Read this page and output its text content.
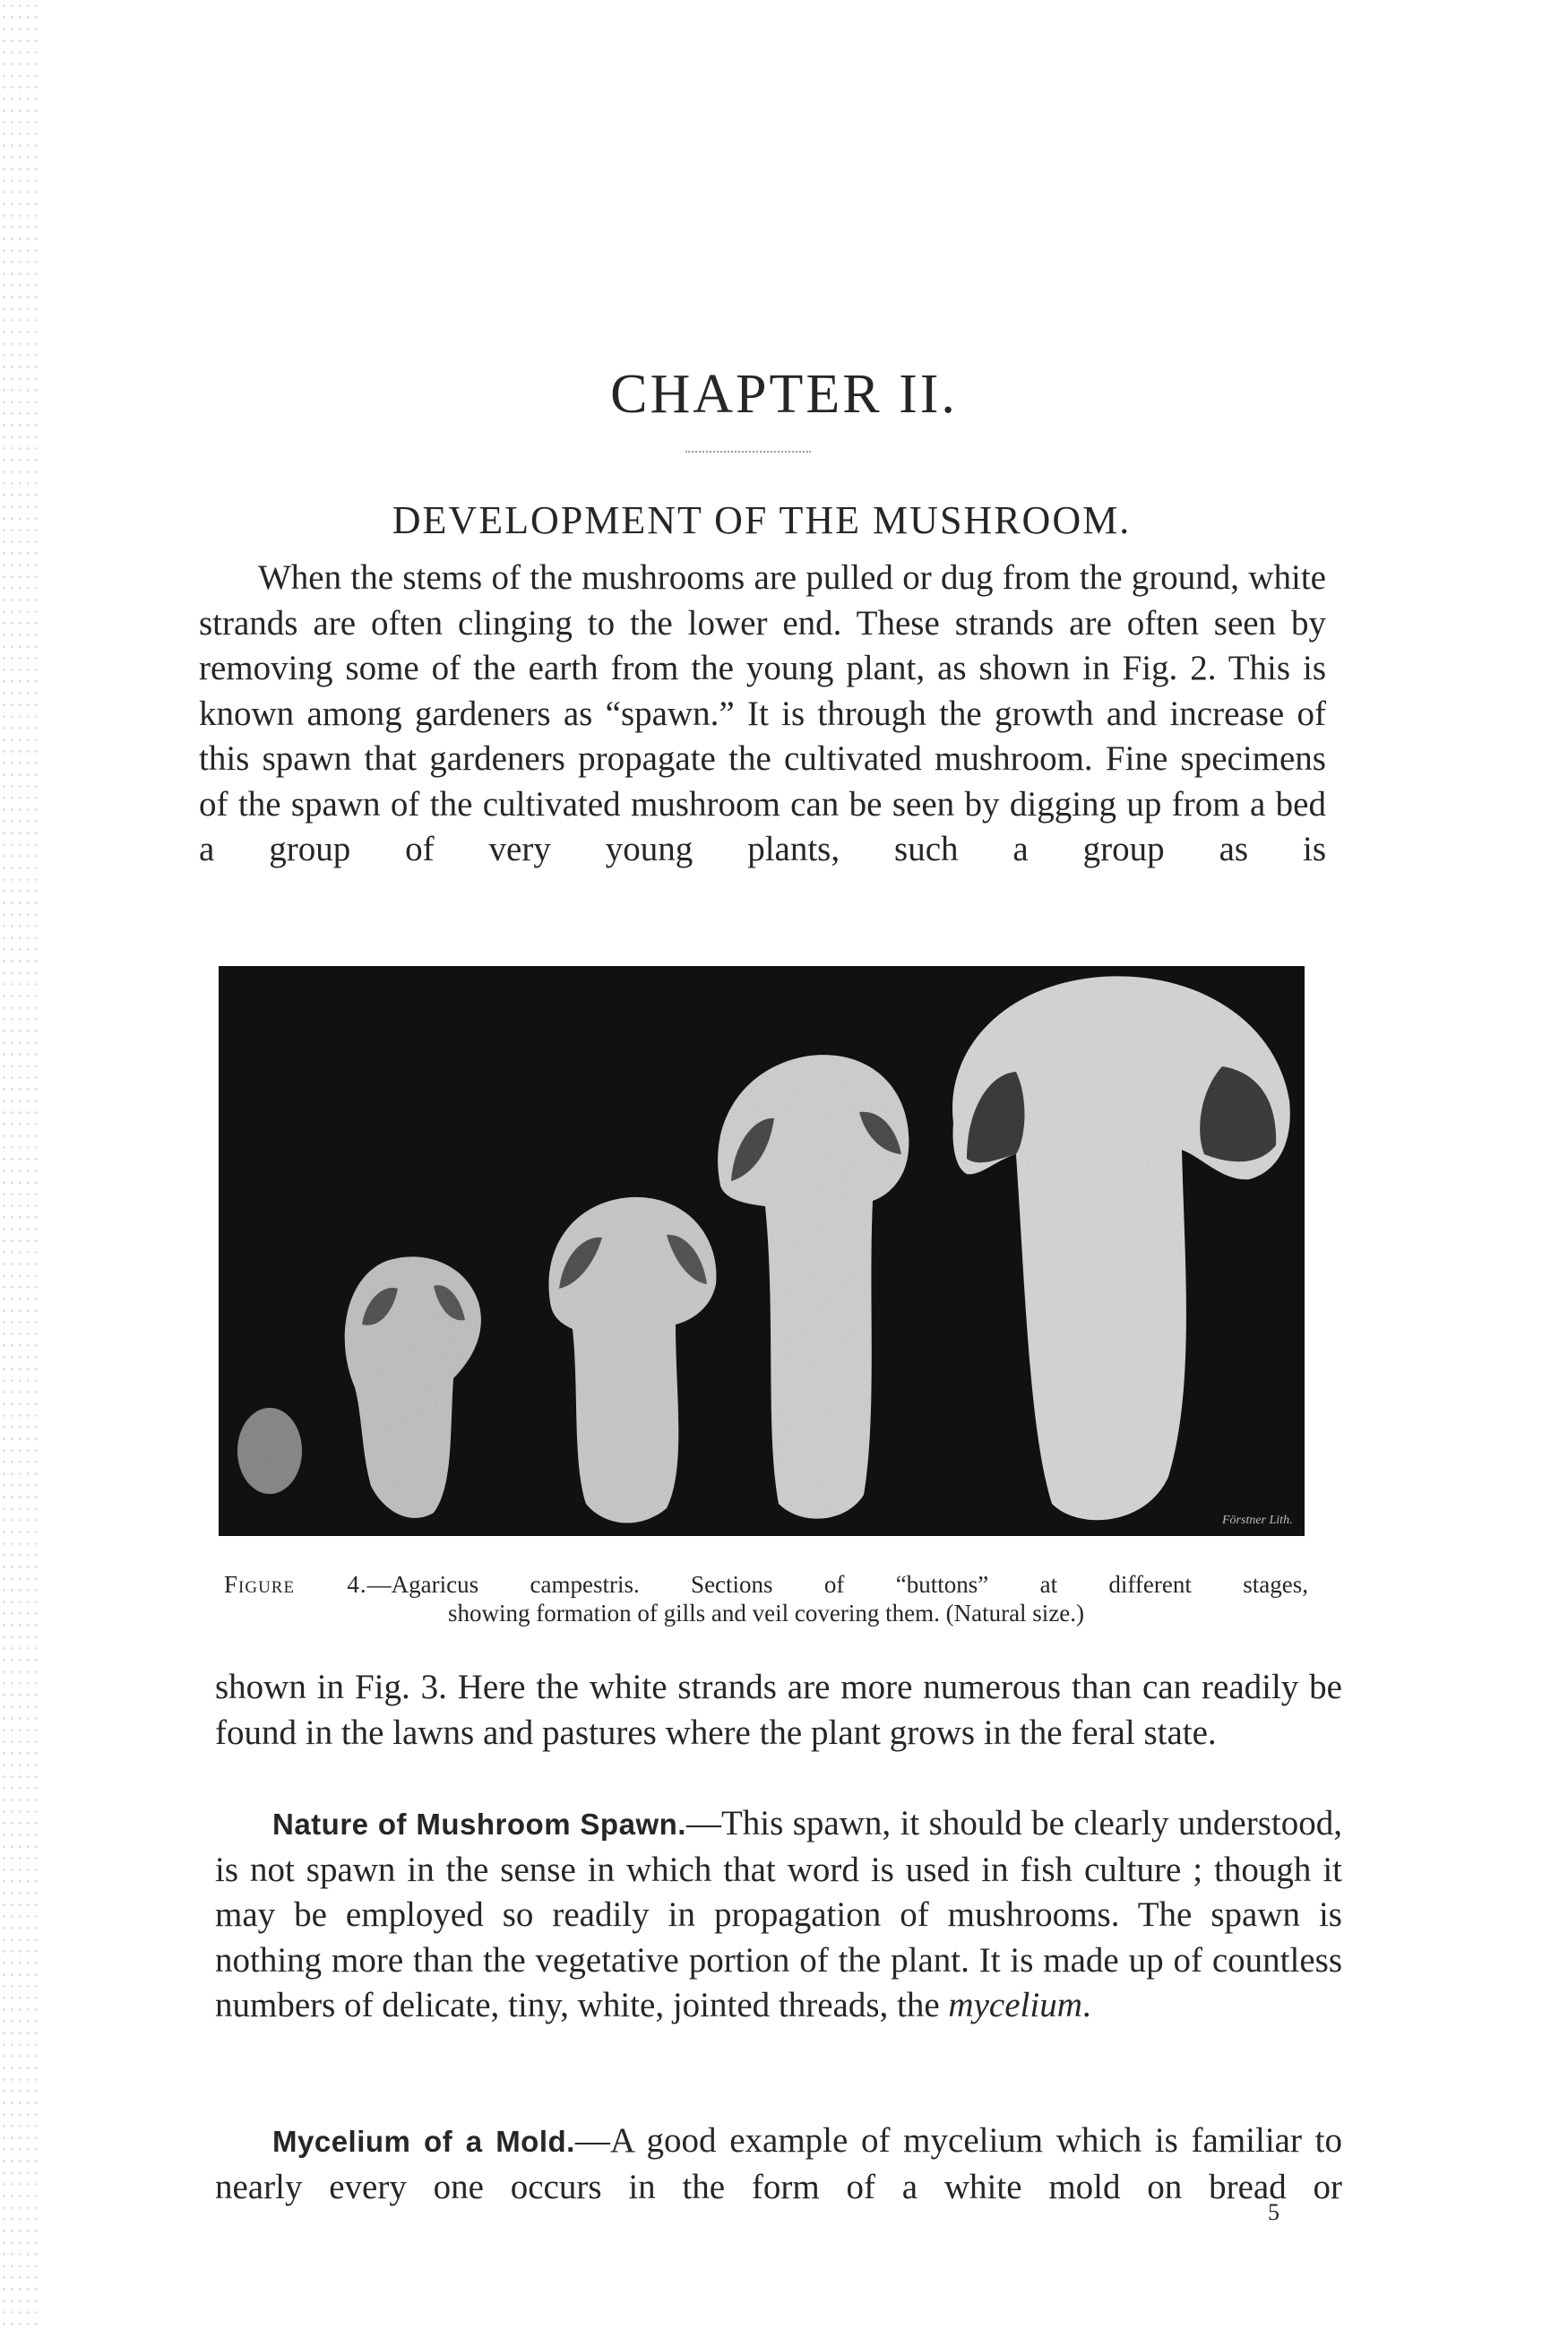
CHAPTER II.
DEVELOPMENT OF THE MUSHROOM.

When the stems of the mushrooms are pulled or dug from the ground, white strands are often clinging to the lower end. These strands are often seen by removing some of the earth from the young plant, as shown in Fig. 2. This is known among gardeners as “spawn.” It is through the growth and increase of this spawn that gardeners propagate the cultivated mushroom. Fine specimens of the spawn of the cultivated mushroom can be seen by digging up from a bed a group of very young plants, such a group as is

Förstner Lith.

Figure 4.—Agaricus campestris. Sections of “buttons” at different stages,
showing formation of gills and veil covering them. (Natural size.)

shown in Fig. 3. Here the white strands are more numerous than can readily be found in the lawns and pastures where the plant grows in the feral state.

Nature of Mushroom Spawn.—This spawn, it should be clearly understood, is not spawn in the sense in which that word is used in fish culture ; though it may be employed so readily in propagation of mushrooms. The spawn is nothing more than the vegetative portion of the plant. It is made up of countless numbers of delicate, tiny, white, jointed threads, the mycelium.

Mycelium of a Mold.—A good example of mycelium which is familiar to nearly every one occurs in the form of a white mold on bread or

5
